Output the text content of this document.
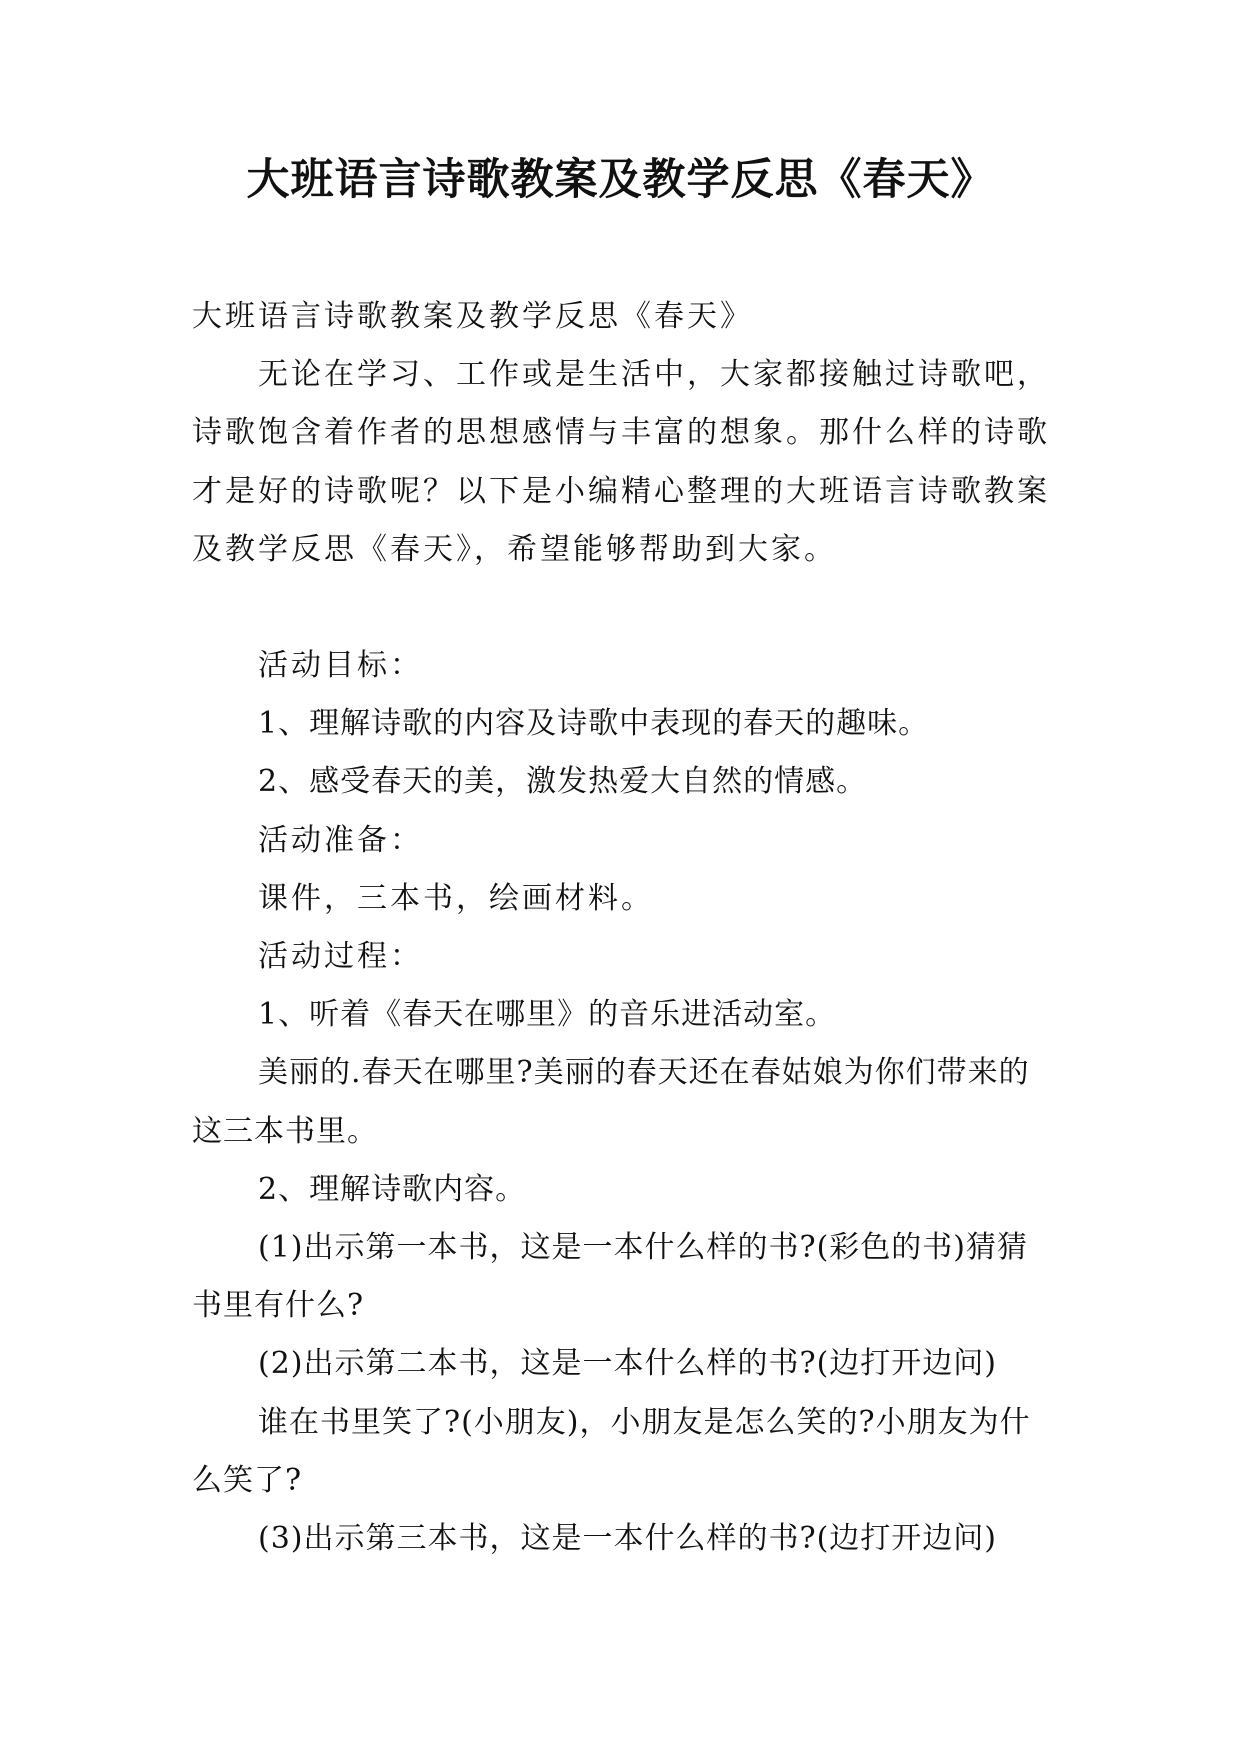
大班语言诗歌教案及教学反思《春天》

大班语言诗歌教案及教学反思《春天》

无论在学习、工作或是生活中，大家都接触过诗歌吧，诗歌饱含着作者的思想感情与丰富的想象。那什么样的诗歌才是好的诗歌呢？以下是小编精心整理的大班语言诗歌教案及教学反思《春天》，希望能够帮助到大家。

活动目标：

1、理解诗歌的内容及诗歌中表现的春天的趣味。

2、感受春天的美，激发热爱大自然的情感。

活动准备：

课件，三本书，绘画材料。

活动过程：

1、听着《春天在哪里》的音乐进活动室。

美丽的.春天在哪里?美丽的春天还在春姑娘为你们带来的这三本书里。

2、理解诗歌内容。

(1)出示第一本书，这是一本什么样的书?(彩色的书)猜猜书里有什么?

(2)出示第二本书，这是一本什么样的书?(边打开边问)

谁在书里笑了?(小朋友)，小朋友是怎么笑的?小朋友为什么笑了?

(3)出示第三本书，这是一本什么样的书?(边打开边问)
